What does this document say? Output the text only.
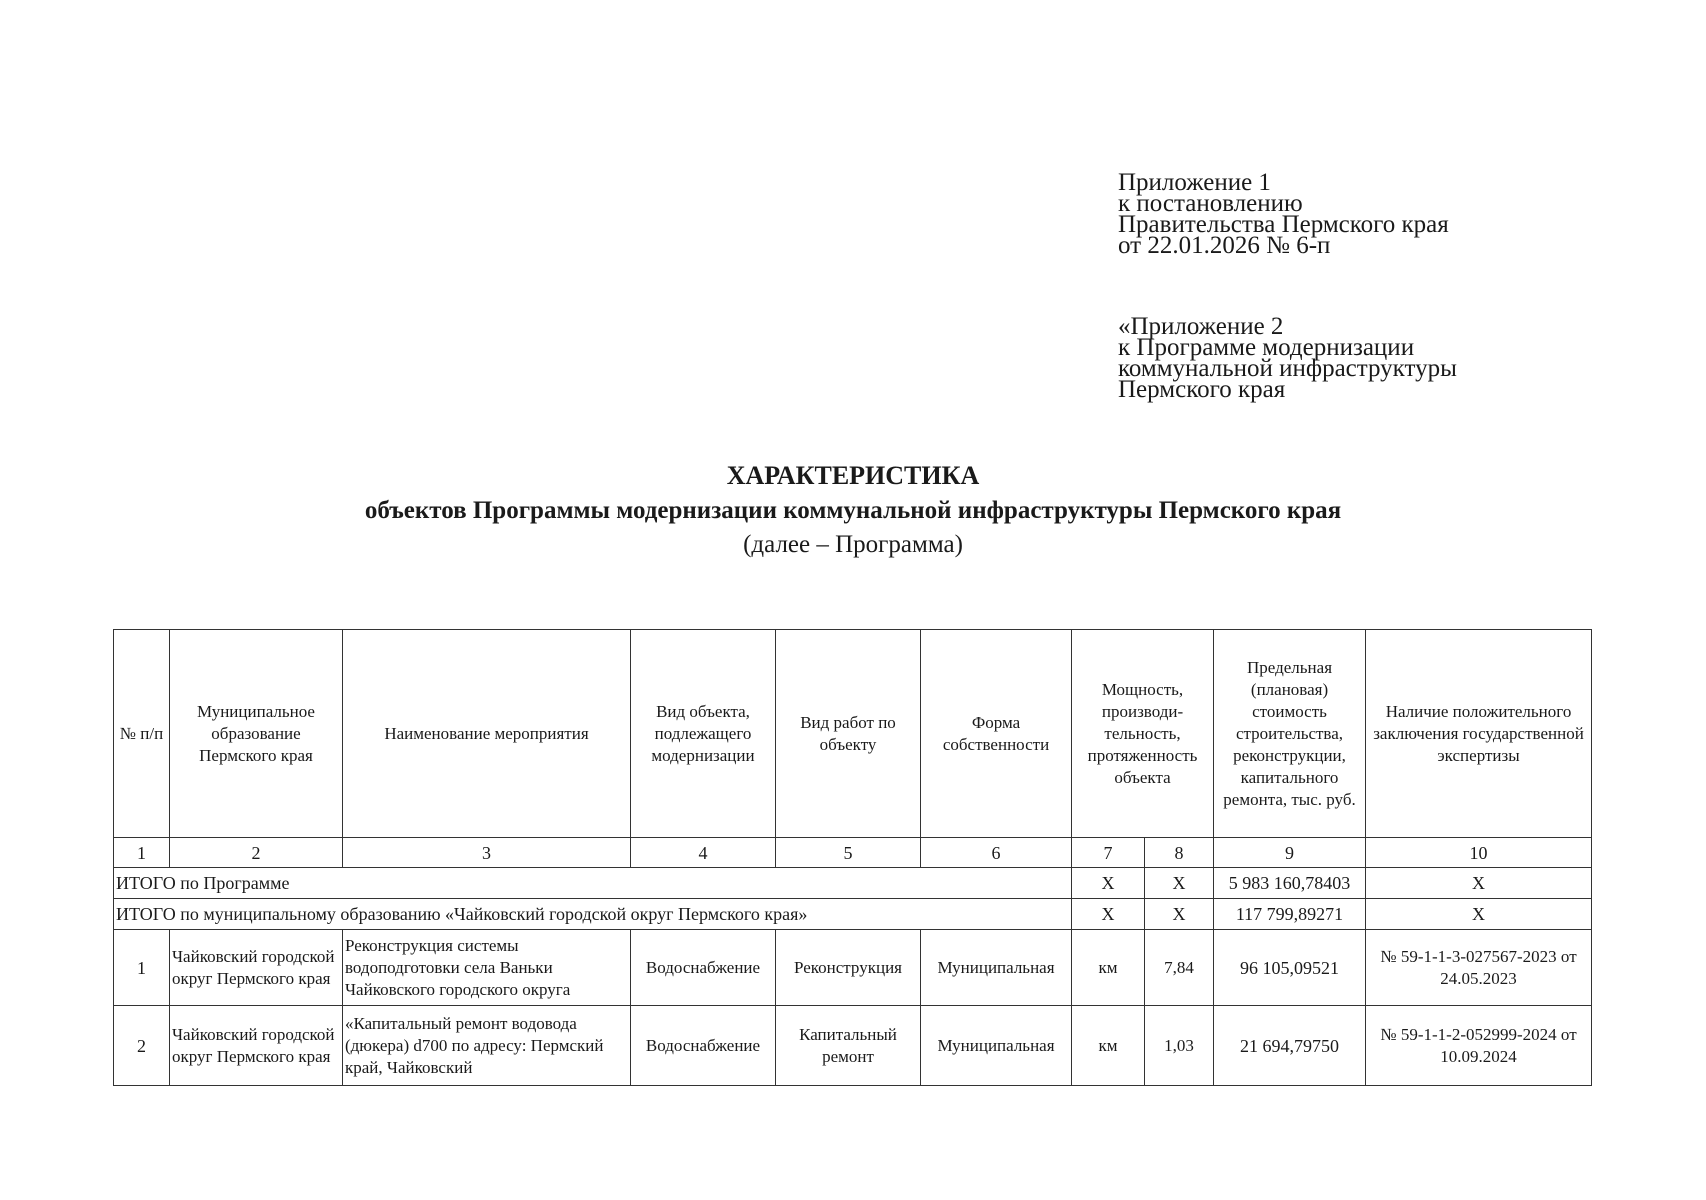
Приложение 1
к постановлению
Правительства Пермского края
от 22.01.2026 № 6-п
«Приложение 2
к Программе модернизации
коммунальной инфраструктуры
Пермского края
ХАРАКТЕРИСТИКА
объектов Программы модернизации коммунальной инфраструктуры Пермского края
(далее – Программа)
№ п/п	Муниципальное образование Пермского края	Наименование мероприятия	Вид объекта, подлежащего модернизации	Вид работ по объекту	Форма собственности	Мощность, производи-тельность, протяженность объекта		Предельная (плановая) стоимость строительства, реконструкции, капитального ремонта, тыс. руб.	Наличие положительного заключения государственной экспертизы
1	2	3	4	5	6	7	8	9	10
ИТОГО по Программе						Х	Х	5 983 160,78403	Х
ИТОГО по муниципальному образованию «Чайковский городской округ Пермского края»						Х	Х	117 799,89271	Х
1	Чайковский городской округ Пермского края	Реконструкция системы водоподготовки села Ваньки Чайковского городского округа	Водоснабжение	Реконструкция	Муниципальная	км	7,84	96 105,09521	№ 59-1-1-3-027567-2023 от 24.05.2023
2	Чайковский городской округ Пермского края	«Капитальный ремонт водовода (дюкера) d700 по адресу: Пермский край, Чайковский	Водоснабжение	Капитальный ремонт	Муниципальная	км	1,03	21 694,79750	№ 59-1-1-2-052999-2024 от 10.09.2024
